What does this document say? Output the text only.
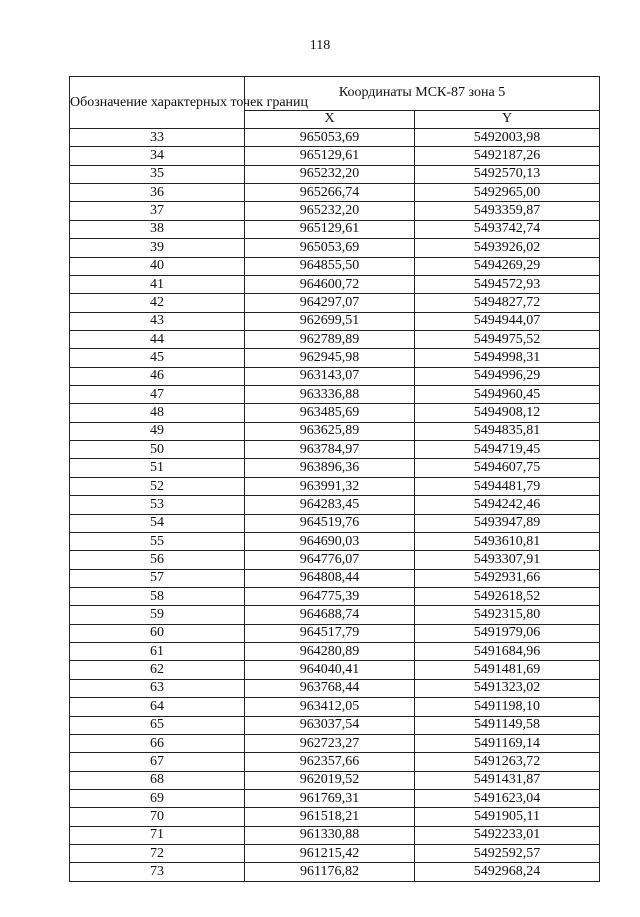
118
Обозначение характерных точек границ	Координаты МСК-87 зона 5	
	X	Y
33	965053,69	5492003,98
34	965129,61	5492187,26
35	965232,20	5492570,13
36	965266,74	5492965,00
37	965232,20	5493359,87
38	965129,61	5493742,74
39	965053,69	5493926,02
40	964855,50	5494269,29
41	964600,72	5494572,93
42	964297,07	5494827,72
43	962699,51	5494944,07
44	962789,89	5494975,52
45	962945,98	5494998,31
46	963143,07	5494996,29
47	963336,88	5494960,45
48	963485,69	5494908,12
49	963625,89	5494835,81
50	963784,97	5494719,45
51	963896,36	5494607,75
52	963991,32	5494481,79
53	964283,45	5494242,46
54	964519,76	5493947,89
55	964690,03	5493610,81
56	964776,07	5493307,91
57	964808,44	5492931,66
58	964775,39	5492618,52
59	964688,74	5492315,80
60	964517,79	5491979,06
61	964280,89	5491684,96
62	964040,41	5491481,69
63	963768,44	5491323,02
64	963412,05	5491198,10
65	963037,54	5491149,58
66	962723,27	5491169,14
67	962357,66	5491263,72
68	962019,52	5491431,87
69	961769,31	5491623,04
70	961518,21	5491905,11
71	961330,88	5492233,01
72	961215,42	5492592,57
73	961176,82	5492968,24
